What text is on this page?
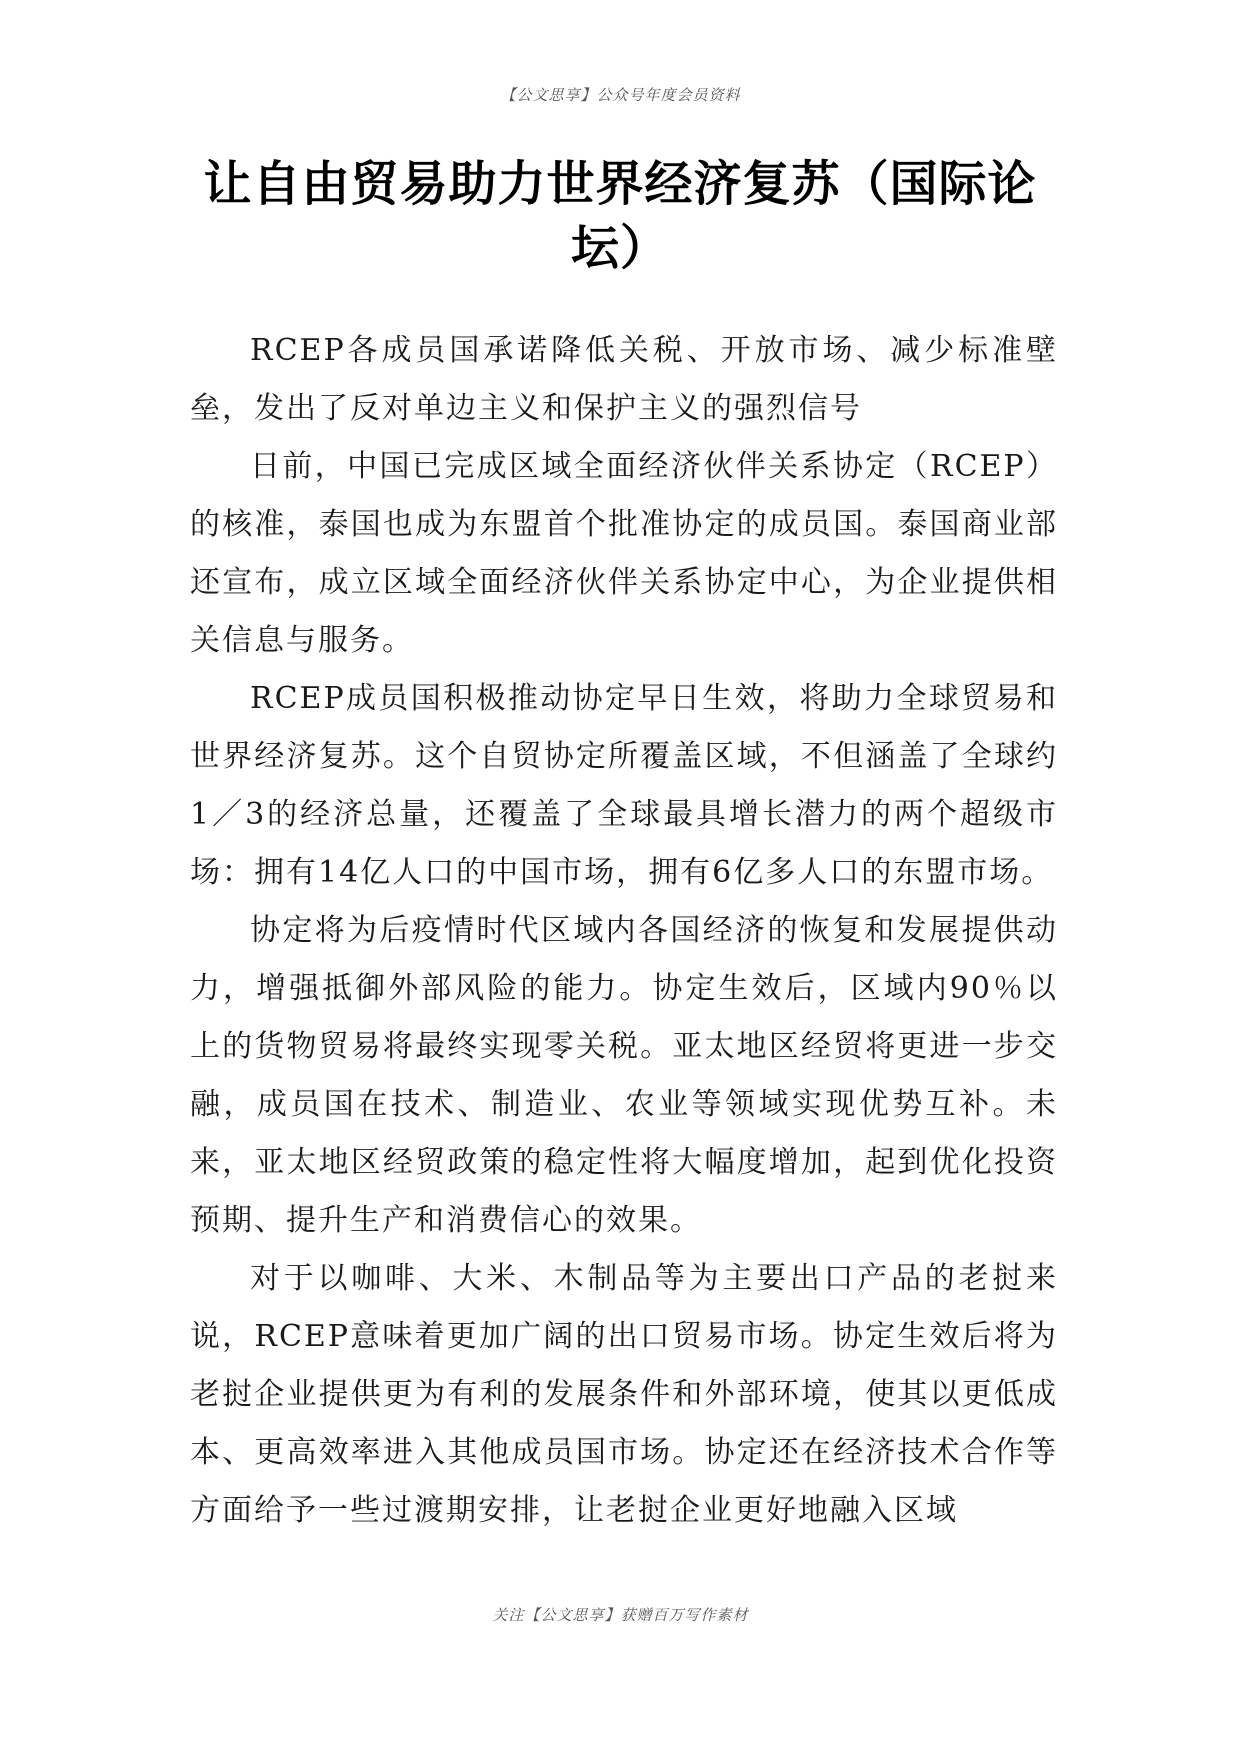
【公文思享】公众号年度会员资料
让自由贸易助力世界经济复苏（国际论坛）

RCEP各成员国承诺降低关税、开放市场、减少标准壁垒，发出了反对单边主义和保护主义的强烈信号

日前，中国已完成区域全面经济伙伴关系协定（RCEP）的核准，泰国也成为东盟首个批准协定的成员国。泰国商业部还宣布，成立区域全面经济伙伴关系协定中心，为企业提供相关信息与服务。

RCEP成员国积极推动协定早日生效，将助力全球贸易和世界经济复苏。这个自贸协定所覆盖区域，不但涵盖了全球约1／3的经济总量，还覆盖了全球最具增长潜力的两个超级市场：拥有14亿人口的中国市场，拥有6亿多人口的东盟市场。

协定将为后疫情时代区域内各国经济的恢复和发展提供动力，增强抵御外部风险的能力。协定生效后，区域内90％以上的货物贸易将最终实现零关税。亚太地区经贸将更进一步交融，成员国在技术、制造业、农业等领域实现优势互补。未来，亚太地区经贸政策的稳定性将大幅度增加，起到优化投资预期、提升生产和消费信心的效果。

对于以咖啡、大米、木制品等为主要出口产品的老挝来说，RCEP意味着更加广阔的出口贸易市场。协定生效后将为老挝企业提供更为有利的发展条件和外部环境，使其以更低成本、更高效率进入其他成员国市场。协定还在经济技术合作等方面给予一些过渡期安排，让老挝企业更好地融入区域

关注【公文思享】获赠百万写作素材
